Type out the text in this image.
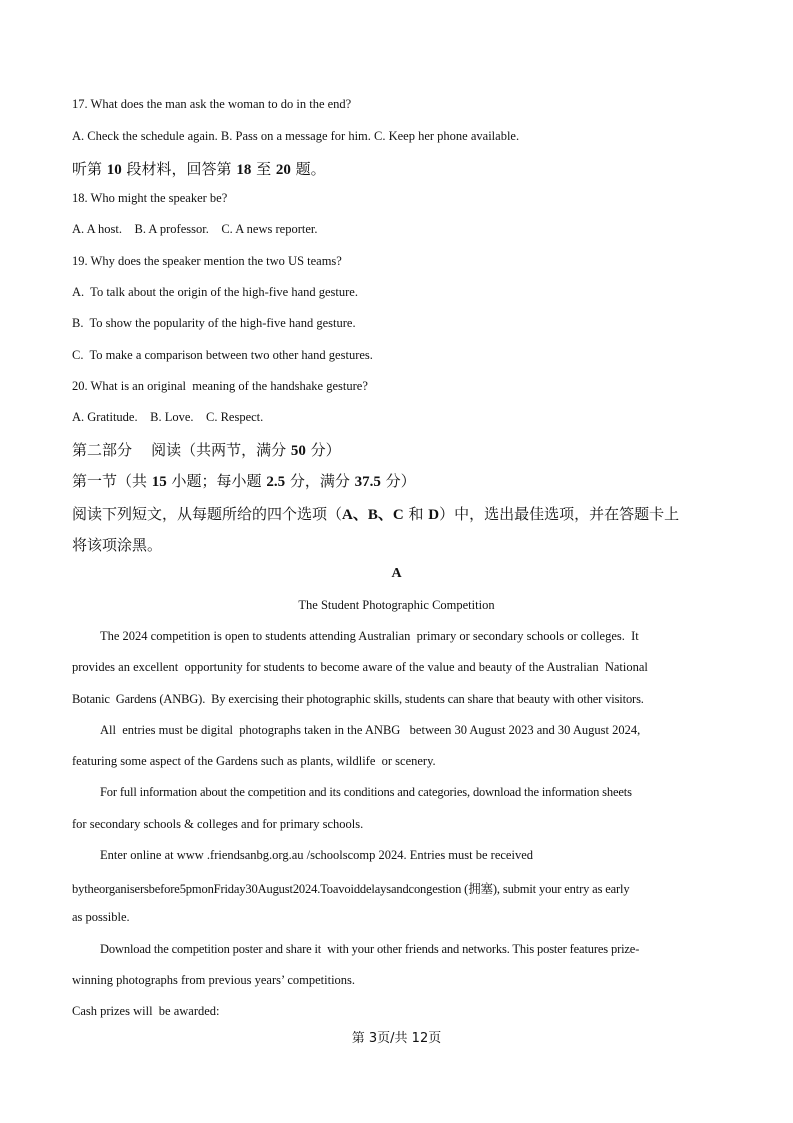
17. What does the man ask the woman to do in the end?
A. Check the schedule again. B. Pass on a message for him. C. Keep her phone available.
听第 10 段材料，回答第 18 至 20 题。
18. Who might the speaker be?
A. A host.    B. A professor.    C. A news reporter.
19. Why does the speaker mention the two US teams?
A.  To talk about the origin of the high-five hand gesture.
B.  To show the popularity of the high-five hand gesture.
C.  To make a comparison between two other hand gestures.
20. What is an original  meaning of the handshake gesture?
A. Gratitude.    B. Love.    C. Respect.
第二部分    阅读（共两节，满分 50 分）
第一节（共 15 小题；每小题 2.5 分，满分 37.5 分）
阅读下列短文，从每题所给的四个选项（A、B、C 和 D）中，选出最佳选项，并在答题卡上
将该项涂黑。
A
The Student Photographic Competition
The 2024 competition is open to students attending Australian  primary or secondary schools or colleges.  It
provides an excellent  opportunity for students to become aware of the value and beauty of the Australian  National
Botanic  Gardens (ANBG).  By exercising their photographic skills, students can share that beauty with other visitors.
All  entries must be digital  photographs taken in the ANBG   between 30 August 2023 and 30 August 2024,
featuring some aspect of the Gardens such as plants, wildlife  or scenery.
For full information about the competition and its conditions and categories, download the information sheets
for secondary schools & colleges and for primary schools.
Enter online at www .friendsanbg.org.au /schoolscomp 2024. Entries must be received
bytheorganisersbefore5pmonFriday30August2024.Toavoiddelaysandcongestion (拥塞), submit your entry as early
as possible.
Download the competition poster and share it  with your other friends and networks. This poster features prize-
winning photographs from previous years’ competitions.
Cash prizes will  be awarded:
第 3页/共 12页
